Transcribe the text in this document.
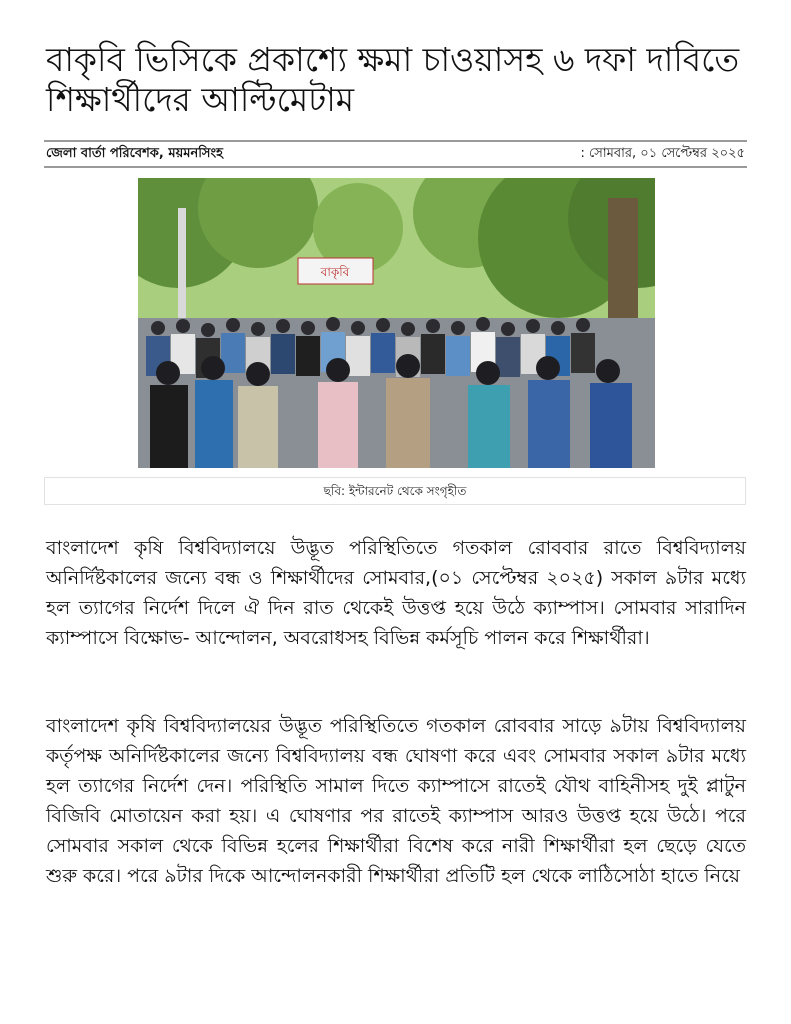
বাকৃবি ভিসিকে প্রকাশ্যে ক্ষমা চাওয়াসহ ৬ দফা দাবিতে
শিক্ষার্থীদের আল্টিমেটাম
জেলা বার্তা পরিবেশক, ময়মনসিংহ	: সোমবার, ০১ সেপ্টেম্বর ২০২৫
বাকৃবি
ছবি: ইন্টারনেট থেকে সংগৃহীত

বাংলাদেশ কৃষি বিশ্ববিদ্যালয়ে উদ্ভূত পরিস্থিতিতে গতকাল রোববার রাতে বিশ্ববিদ্যালয় অনির্দিষ্টকালের জন্যে বন্ধ ও শিক্ষার্থীদের সোমবার,(০১ সেপ্টেম্বর ২০২৫) সকাল ৯টার মধ্যে হল ত্যাগের নির্দেশ দিলে ঐ দিন রাত থেকেই উত্তপ্ত হয়ে উঠে ক্যাম্পাস। সোমবার সারাদিন ক্যাম্পাসে বিক্ষোভ- আন্দোলন, অবরোধসহ বিভিন্ন কর্মসূচি পালন করে শিক্ষার্থীরা।

বাংলাদেশ কৃষি বিশ্ববিদ্যালয়ের উদ্ভূত পরিস্থিতিতে গতকাল রোববার সাড়ে ৯টায় বিশ্ববিদ্যালয় কর্তৃপক্ষ অনির্দিষ্টকালের জন্যে বিশ্ববিদ্যালয় বন্ধ ঘোষণা করে এবং সোমবার সকাল ৯টার মধ্যে হল ত্যাগের নির্দেশ দেন। পরিস্থিতি সামাল দিতে ক্যাম্পাসে রাতেই যৌথ বাহিনীসহ দুই প্লাটুন বিজিবি মোতায়েন করা হয়। এ ঘোষণার পর রাতেই ক্যাম্পাস আরও উত্তপ্ত হয়ে উঠে। পরে সোমবার সকাল থেকে বিভিন্ন হলের শিক্ষার্থীরা বিশেষ করে নারী শিক্ষার্থীরা হল ছেড়ে যেতে শুরু করে। পরে ৯টার দিকে আন্দোলনকারী শিক্ষার্থীরা প্রতিটি হল থেকে লাঠিসোঠা হাতে নিয়ে
